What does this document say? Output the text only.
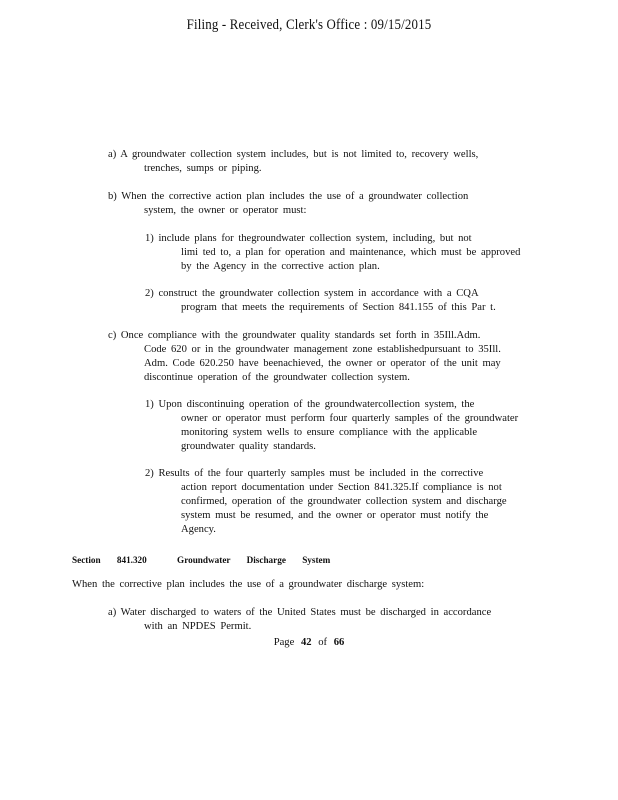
Filing - Received, Clerk's Office : 09/15/2015
a) A groundwater collection system includes, but is not limited to, recovery wells,
trenches, sumps or piping.
b) When the corrective action plan includes the use of a groundwater collection
system, the owner or operator must:
1) include plans for thegroundwater collection system, including, but not
limi ted to, a plan for operation and maintenance, which must be approved
by the Agency in the corrective action plan.
2) construct the groundwater collection system in accordance with a CQA
program that meets the requirements of Section 841.155 of this Par t.
c) Once compliance with the groundwater quality standards set forth in 35Ill.Adm.
Code 620 or in the groundwater management zone establishedpursuant to 35Ill.
Adm. Code 620.250 have beenachieved, the owner or operator of the unit may
discontinue operation of the groundwater collection system.
1) Upon discontinuing operation of the groundwatercollection system, the
owner or operator must perform four quarterly samples of the groundwater
monitoring system wells to ensure compliance with the applicable
groundwater quality standards.
2) Results of the four quarterly samples must be included in the corrective
action report documentation under Section 841.325.If compliance is not
confirmed, operation of the groundwater collection system and discharge
system must be resumed, and the owner or operator must notify the
Agency.
Section 841.320	Groundwater Discharge System
When the corrective plan includes the use of a groundwater discharge system:
a) Water discharged to waters of the United States must be discharged in accordance
with an NPDES Permit.
Page 42 of 66
